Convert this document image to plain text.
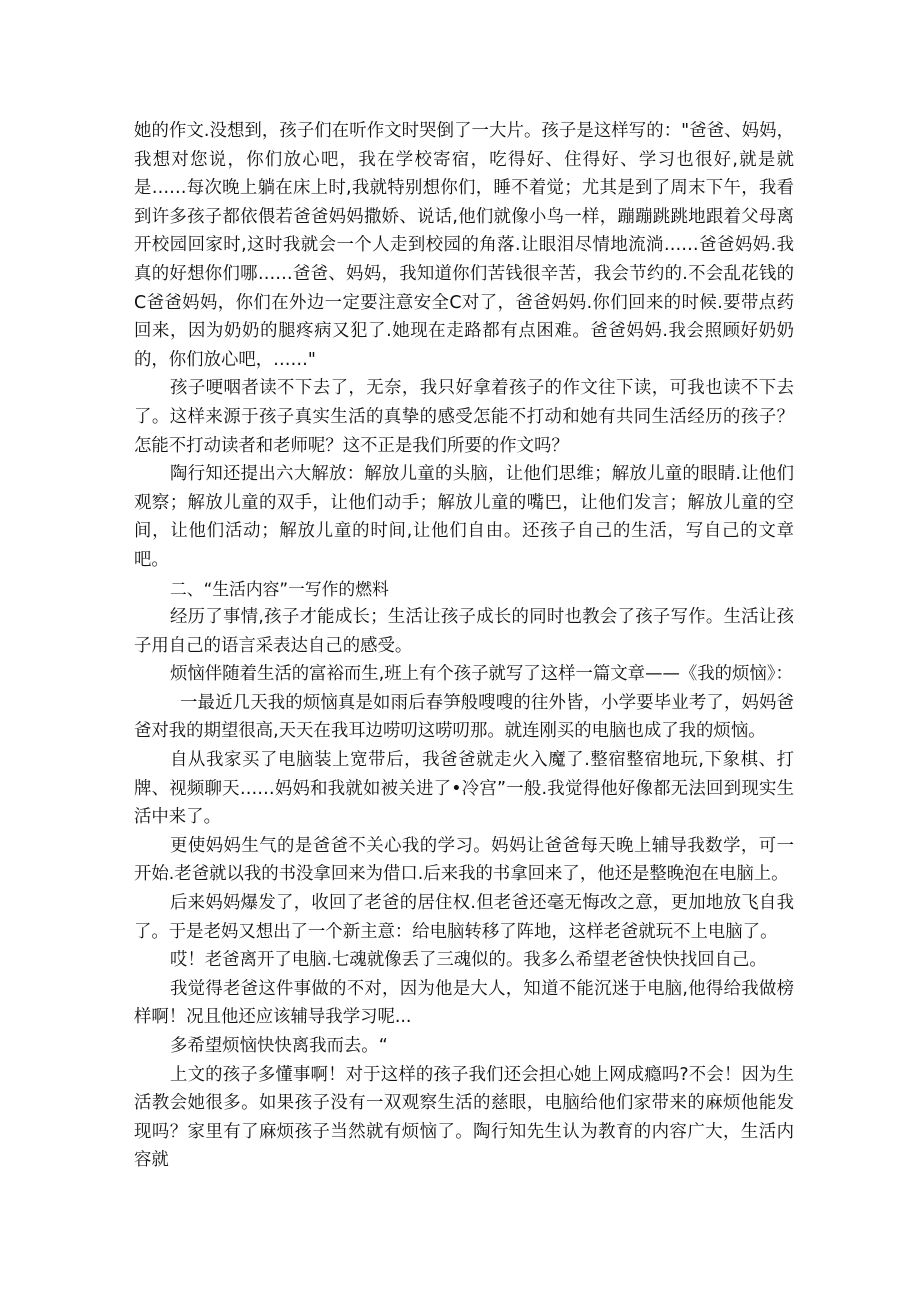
她的作文.没想到，孩子们在听作文时哭倒了一大片。孩子是这样写的："爸爸、妈妈，我想对您说，你们放心吧，我在学校寄宿，吃得好、住得好、学习也很好,就是就是……每次晚上躺在床上时,我就特别想你们，睡不着觉；尤其是到了周末下午，我看到许多孩子都依偎若爸爸妈妈撒娇、说话,他们就像小鸟一样，蹦蹦跳跳地跟着父母离开校园回家时,这时我就会一个人走到校园的角落.让眼泪尽情地流淌……爸爸妈妈.我真的好想你们哪……爸爸、妈妈，我知道你们苦钱很辛苦，我会节约的.不会乱花钱的C爸爸妈妈，你们在外边一定要注意安全C对了，爸爸妈妈.你们回来的时候.要带点药回来，因为奶奶的腿疼病又犯了.她现在走路都有点困难。爸爸妈妈.我会照顾好奶奶的，你们放心吧，……"

孩子哽咽者读不下去了，无奈，我只好拿着孩子的作文往下读，可我也读不下去了。这样来源于孩子真实生活的真挚的感受怎能不打动和她有共同生活经历的孩子？怎能不打动读者和老师呢？这不正是我们所要的作文吗？

陶行知还提出六大解放：解放儿童的头脑，让他们思维；解放儿童的眼睛.让他们观察；解放儿童的双手，让他们动手；解放儿童的嘴巴，让他们发言；解放儿童的空间，让他们活动；解放儿童的时间,让他们自由。还孩子自己的生活，写自己的文章吧。

二、“生活内容”一写作的燃料

经历了事情,孩子才能成长；生活让孩子成长的同时也教会了孩子写作。生活让孩子用自己的语言采表达自己的感受。

烦恼伴随着生活的富裕而生,班上有个孩子就写了这样一篇文章——《我的烦恼》：

一最近几天我的烦恼真是如雨后春笋般嗖嗖的往外皆，小学要毕业考了，妈妈爸爸对我的期望很高,天天在我耳边唠叨这唠叨那。就连刚买的电脑也成了我的烦恼。

自从我家买了电脑装上宽带后，我爸爸就走火入魔了.整宿整宿地玩,下象棋、打牌、视频聊天……妈妈和我就如被关进了•冷宫”一般.我觉得他好像都无法回到现实生活中来了。

更使妈妈生气的是爸爸不关心我的学习。妈妈让爸爸每天晚上辅导我数学，可一开始.老爸就以我的书没拿回来为借口.后来我的书拿回来了，他还是整晚泡在电脑上。

后来妈妈爆发了，收回了老爸的居住权.但老爸还毫无悔改之意，更加地放飞自我了。于是老妈又想出了一个新主意：给电脑转移了阵地，这样老爸就玩不上电脑了。

哎！老爸离开了电脑.七魂就像丢了三魂似的。我多么希望老爸快快找回自己。

我觉得老爸这件事做的不对，因为他是大人，知道不能沉迷于电脑,他得给我做榜样啊！况且他还应该辅导我学习呢...

多希望烦恼快快离我而去。“

上文的孩子多懂事啊！对于这样的孩子我们还会担心她上网成瘾吗?不会！因为生活教会她很多。如果孩子没有一双观察生活的慈眼，电脑给他们家带来的麻烦他能发现吗？家里有了麻烦孩子当然就有烦恼了。陶行知先生认为教育的内容广大，生活内容就
